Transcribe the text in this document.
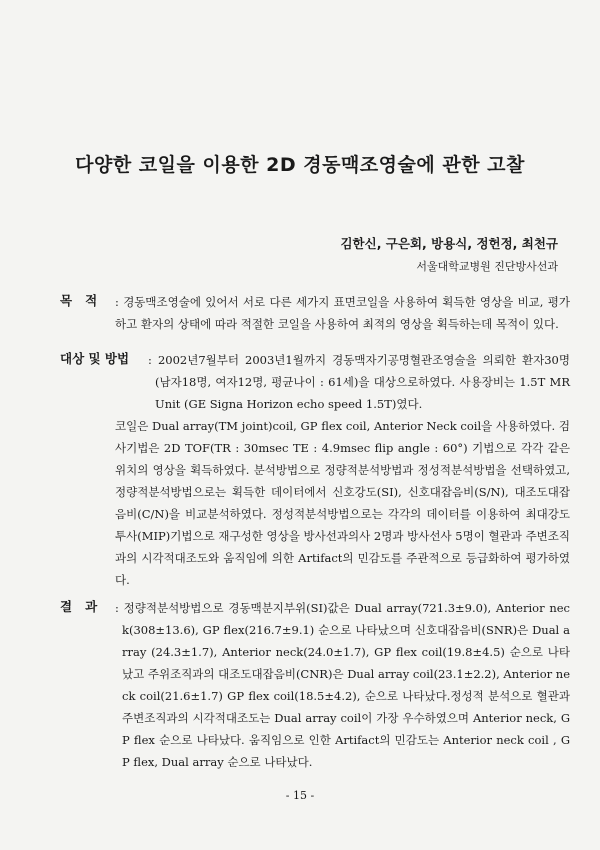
다양한 코일을 이용한 2D 경동맥조영술에 관한 고찰
김한신, 구은회, 방용식, 정헌정, 최천규
서울대학교병원 진단방사선과
목   적 : 경동맥조영술에 있어서 서로 다른 세가지 표면코일을 사용하여 획득한 영상을 비교, 평가하고 환자의 상태에 따라 적절한 코일을 사용하여 최적의 영상을 획득하는데 목적이 있다.
대상 및 방법 : 2002년7월부터 2003년1월까지 경동맥자기공명혈관조영술을 의뢰한 환자30명(남자18명, 여자12명, 평균나이 : 61세)을 대상으로하였다. 사용장비는 1.5T MR Unit (GE Signa Horizon echo speed 1.5T)였다.
코일은 Dual array(TM joint)coil, GP flex coil, Anterior Neck coil을 사용하였다. 검사기법은 2D TOF(TR : 30msec TE : 4.9msec flip angle : 60°) 기법으로 각각 같은 위치의 영상을 획득하였다. 분석방법으로 정량적분석방법과 정성적분석방법을 선택하였고, 정량적분석방법으로는 획득한 데이터에서 신호강도(SI), 신호대잡음비(S/N), 대조도대잡음비(C/N)을 비교분석하였다. 정성적분석방법으로는 각각의 데이터를 이용하여 최대강도투사(MIP)기법으로 재구성한 영상을 방사선과의사 2명과 방사선사 5명이 혈관과 주변조직과의 시각적대조도와 움직임에 의한 Artifact의 민감도를 주관적으로 등급화하여 평가하였다.
결   과 : 정량적분석방법으로 경동맥분지부위(SI)값은 Dual array(721.3±9.0), Anterior neck(308±13.6), GP flex(216.7±9.1) 순으로 나타났으며 신호대잡음비(SNR)은 Dual array (24.3±1.7), Anterior neck(24.0±1.7), GP flex coil(19.8±4.5) 순으로 나타났고 주위조직과의 대조도대잡음비(CNR)은 Dual array coil(23.1±2.2), Anterior neck coil(21.6±1.7) GP flex coil(18.5±4.2), 순으로 나타났다.정성적 분석으로 혈관과 주변조직과의 시각적대조도는 Dual array coil이 가장 우수하였으며 Anterior neck, GP flex 순으로 나타났다. 움직임으로 인한 Artifact의 민감도는 Anterior neck coil , GP flex, Dual array 순으로 나타났다.
- 15 -
